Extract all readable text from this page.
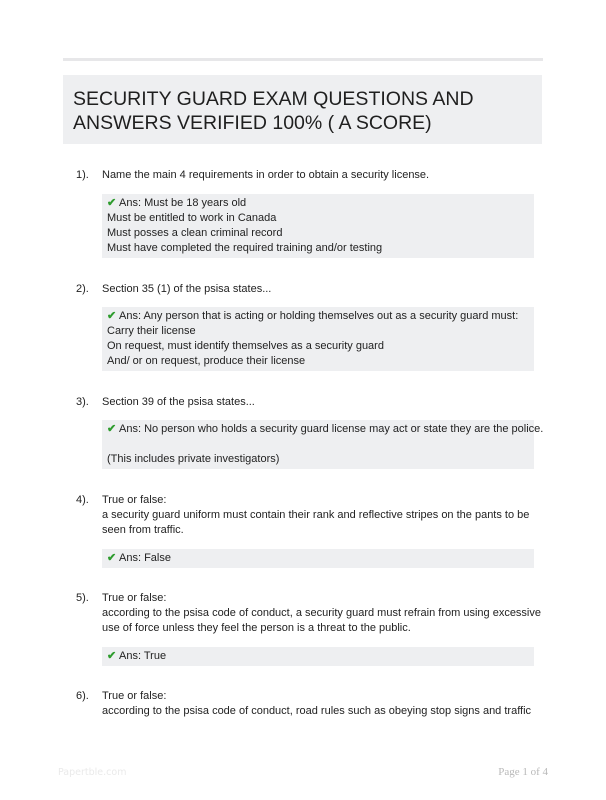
SECURITY GUARD EXAM QUESTIONS AND
ANSWERS VERIFIED 100% ( A SCORE)
1). Name the main 4 requirements in order to obtain a security license.
✔ Ans: Must be 18 years old
Must be entitled to work in Canada
Must posses a clean criminal record
Must have completed the required training and/or testing
2). Section 35 (1) of the psisa states...
✔ Ans: Any person that is acting or holding themselves out as a security guard must:
Carry their license
On request, must identify themselves as a security guard
And/ or on request, produce their license
3). Section 39 of the psisa states...
✔ Ans: No person who holds a security guard license may act or state they are the police.
(This includes private investigators)
4). True or false:
a security guard uniform must contain their rank and reflective stripes on the pants to be
seen from traffic.
✔ Ans: False
5). True or false:
according to the psisa code of conduct, a security guard must refrain from using excessive
use of force unless they feel the person is a threat to the public.
✔ Ans: True
6). True or false:
according to the psisa code of conduct, road rules such as obeying stop signs and traffic
Papertble.com	Page 1 of 4
